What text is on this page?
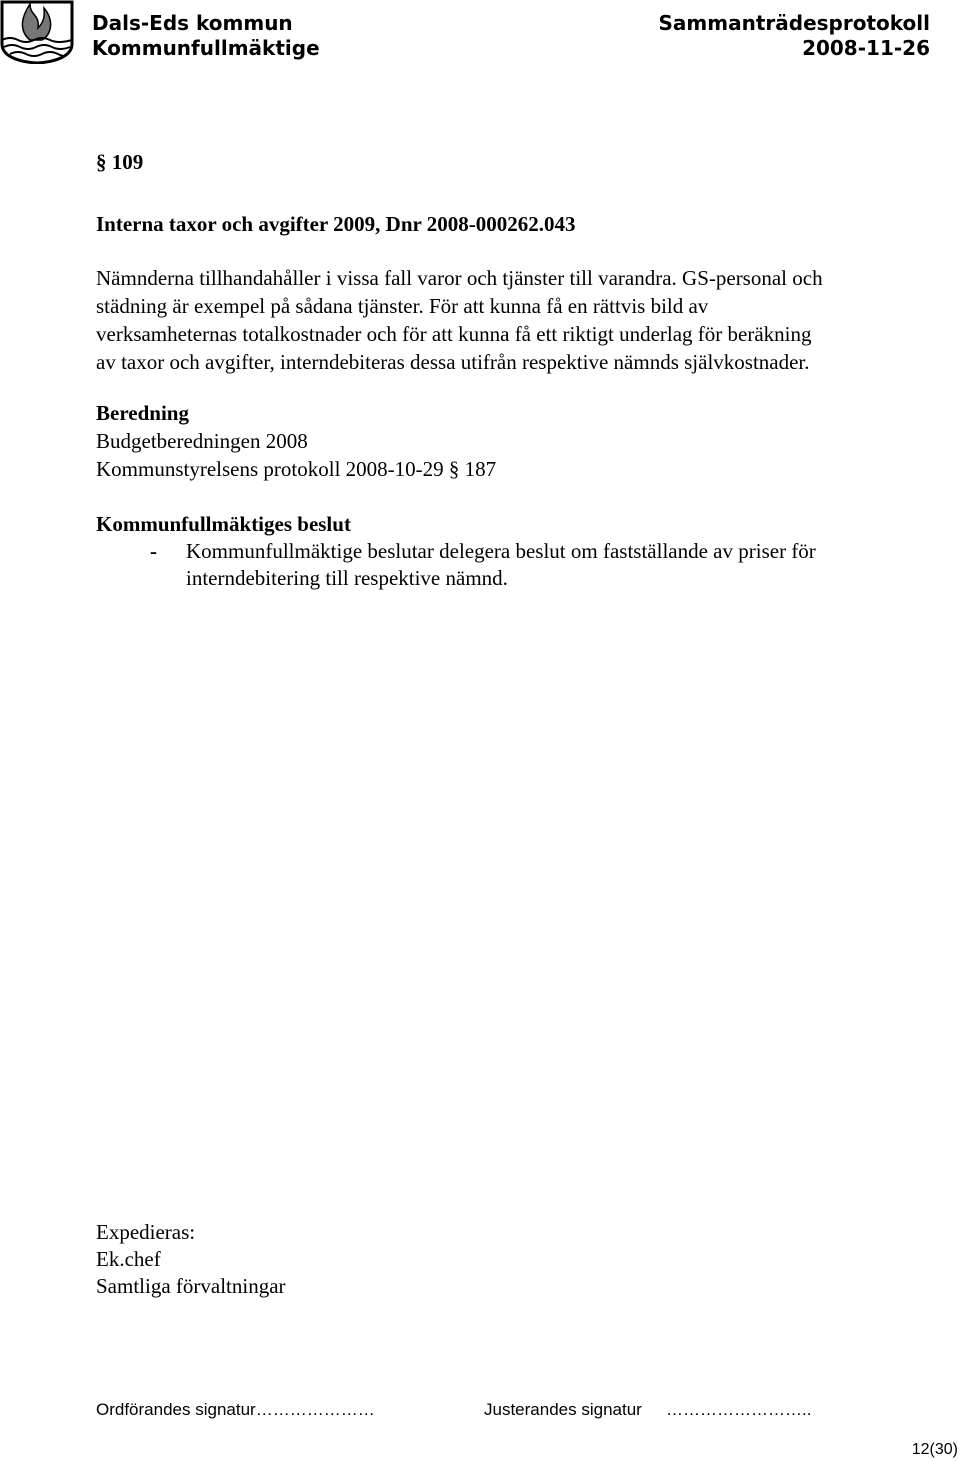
Dals-Eds kommun
Kommunfullmäktige
Sammanträdesprotokoll
2008-11-26
§ 109
Interna taxor och avgifter 2009, Dnr 2008-000262.043

Nämnderna tillhandahåller i vissa fall varor och tjänster till varandra. GS-personal och

städning är exempel på sådana tjänster. För att kunna få en rättvis bild av

verksamheternas totalkostnader och för att kunna få ett riktigt underlag för beräkning

av taxor och avgifter, interndebiteras dessa utifrån respektive nämnds självkostnader.

Beredning
Budgetberedningen 2008
Kommunstyrelsens protokoll 2008-10-29 § 187
Kommunfullmäktiges beslut
- Kommunfullmäktige beslutar delegera beslut om fastställande av priser för
interndebitering till respektive nämnd.
Expedieras:
Ek.chef
Samtliga förvaltningar
Ordförandes signatur…………………	Justerandes signatur ……………………..
12(30)
